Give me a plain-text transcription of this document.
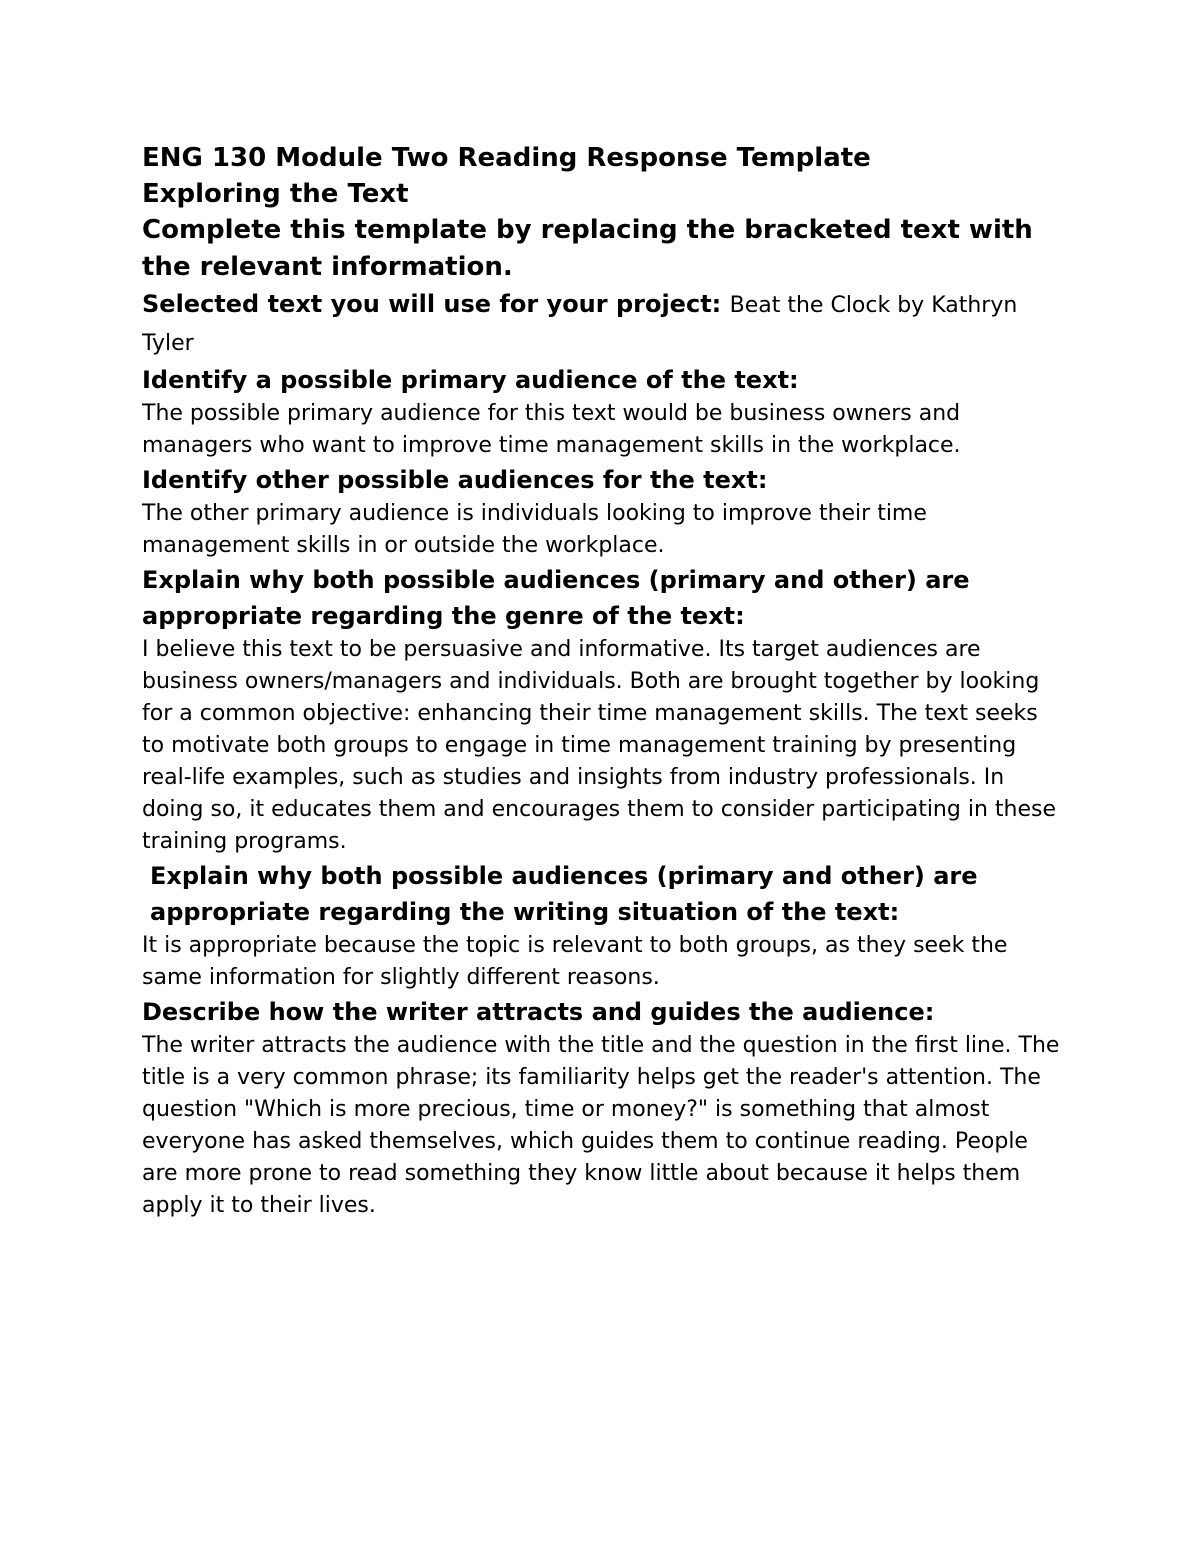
ENG 130 Module Two Reading Response Template

Exploring the Text

Complete this template by replacing the bracketed text with the relevant information.

Selected text you will use for your project: Beat the Clock by Kathryn Tyler

Identify a possible primary audience of the text:

The possible primary audience for this text would be business owners and managers who want to improve time management skills in the workplace.

Identify other possible audiences for the text:

The other primary audience is individuals looking to improve their time management skills in or outside the workplace.

Explain why both possible audiences (primary and other) are appropriate regarding the genre of the text:

I believe this text to be persuasive and informative. Its target audiences are business owners/managers and individuals. Both are brought together by looking for a common objective: enhancing their time management skills. The text seeks to motivate both groups to engage in time management training by presenting real-life examples, such as studies and insights from industry professionals. In doing so, it educates them and encourages them to consider participating in these training programs.

Explain why both possible audiences (primary and other) are appropriate regarding the writing situation of the text:

It is appropriate because the topic is relevant to both groups, as they seek the same information for slightly different reasons.

Describe how the writer attracts and guides the audience:

The writer attracts the audience with the title and the question in the first line. The title is a very common phrase; its familiarity helps get the reader's attention. The question "Which is more precious, time or money?" is something that almost everyone has asked themselves, which guides them to continue reading. People are more prone to read something they know little about because it helps them apply it to their lives.
